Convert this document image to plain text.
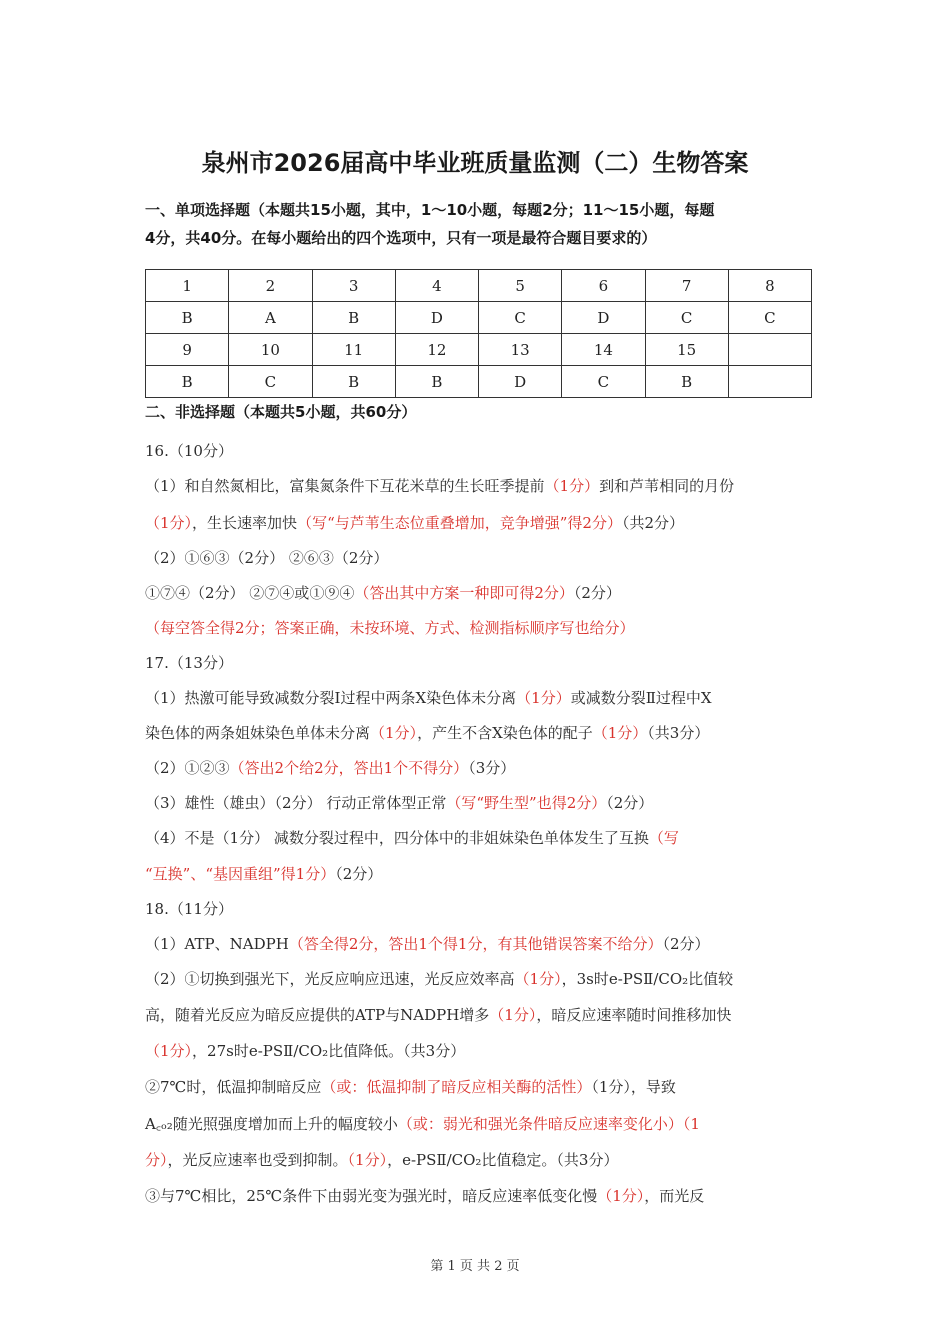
泉州市2026届高中毕业班质量监测（二）生物答案
一、单项选择题（本题共15小题，其中，1～10小题，每题2分；11～15小题，每题
4分，共40分。在每小题给出的四个选项中，只有一项是最符合题目要求的）
1	2	3	4	5	6	7	8
B	A	B	D	C	D	C	C
9	10	11	12	13	14	15	
B	C	B	B	D	C	B	
二、非选择题（本题共5小题，共60分）
16.（10分）
（1）和自然氮相比，富集氮条件下互花米草的生长旺季提前（1分）到和芦苇相同的月份
（1分），生长速率加快（写“与芦苇生态位重叠增加，竞争增强”得2分）（共2分）
（2）①⑥③（2分） ②⑥③（2分）
①⑦④（2分） ②⑦④或①⑨④（答出其中方案一种即可得2分）（2分）
（每空答全得2分；答案正确，未按环境、方式、检测指标顺序写也给分）
17.（13分）
（1）热激可能导致减数分裂Ⅰ过程中两条X染色体未分离（1分）或减数分裂Ⅱ过程中X
染色体的两条姐妹染色单体未分离（1分），产生不含X染色体的配子（1分）（共3分）
（2）①②③（答出2个给2分，答出1个不得分）（3分）
（3）雄性（雄虫）（2分） 行动正常体型正常（写“野生型”也得2分）（2分）
（4）不是（1分） 减数分裂过程中，四分体中的非姐妹染色单体发生了互换（写
“互换”、“基因重组”得1分）（2分）
18.（11分）
（1）ATP、NADPH（答全得2分，答出1个得1分，有其他错误答案不给分）（2分）
（2）①切换到强光下，光反应响应迅速，光反应效率高（1分），3s时e-PSⅡ/CO₂比值较
高，随着光反应为暗反应提供的ATP与NADPH增多（1分），暗反应速率随时间推移加快
（1分），27s时e-PSⅡ/CO₂比值降低。（共3分）
②7℃时，低温抑制暗反应（或：低温抑制了暗反应相关酶的活性）（1分），导致
A꜀ₒ₂随光照强度增加而上升的幅度较小（或：弱光和强光条件暗反应速率变化小）（1
分），光反应速率也受到抑制。（1分），e-PSⅡ/CO₂比值稳定。（共3分）
③与7℃相比，25℃条件下由弱光变为强光时，暗反应速率低变化慢（1分），而光反
第 1 页 共 2 页
